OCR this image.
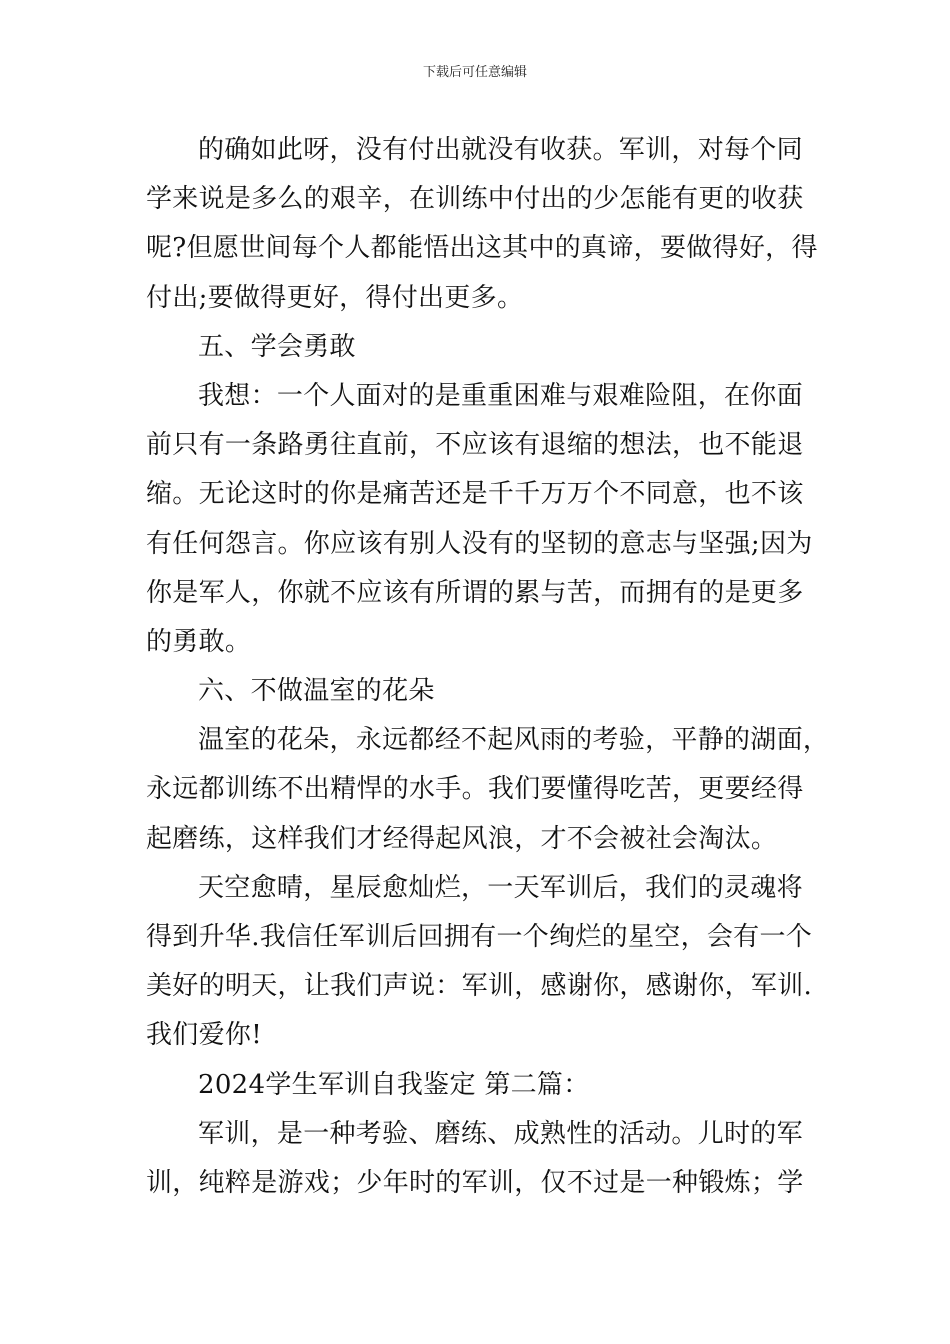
下载后可任意编辑
的确如此呀，没有付出就没有收获。军训，对每个同
学来说是多么的艰辛，在训练中付出的少怎能有更的收获
呢?但愿世间每个人都能悟出这其中的真谛，要做得好，得
付出;要做得更好，得付出更多。
五、学会勇敢
我想：一个人面对的是重重困难与艰难险阻，在你面
前只有一条路勇往直前，不应该有退缩的想法，也不能退
缩。无论这时的你是痛苦还是千千万万个不同意，也不该
有任何怨言。你应该有别人没有的坚韧的意志与坚强;因为
你是军人，你就不应该有所谓的累与苦，而拥有的是更多
的勇敢。
六、不做温室的花朵
温室的花朵，永远都经不起风雨的考验，平静的湖面，
永远都训练不出精悍的水手。我们要懂得吃苦，更要经得
起磨练，这样我们才经得起风浪，才不会被社会淘汰。
天空愈晴，星辰愈灿烂，一天军训后，我们的灵魂将
得到升华.我信任军训后回拥有一个绚烂的星空，会有一个
美好的明天，让我们声说：军训，感谢你，感谢你，军训.
我们爱你!
2024学生军训自我鉴定 第二篇：
军训，是一种考验、磨练、成熟性的活动。儿时的军
训，纯粹是游戏；少年时的军训，仅不过是一种锻炼；学
